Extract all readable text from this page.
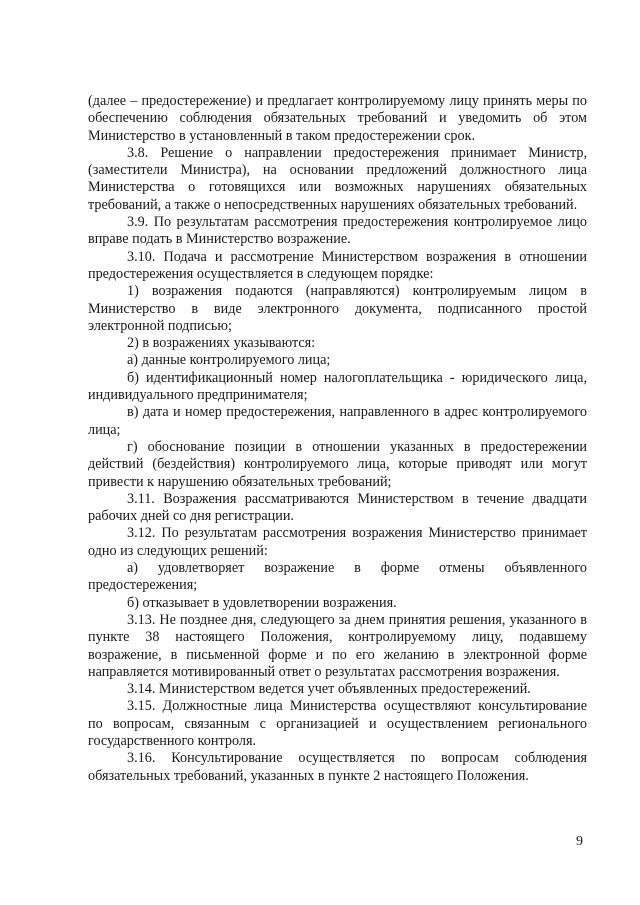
(далее – предостережение) и предлагает контролируемому лицу принять меры по обеспечению соблюдения обязательных требований и уведомить об этом Министерство в установленный в таком предостережении срок.

3.8. Решение о направлении предостережения принимает Министр, (заместители Министра), на основании предложений должностного лица Министерства о готовящихся или возможных нарушениях обязательных требований, а также о непосредственных нарушениях обязательных требований.

3.9. По результатам рассмотрения предостережения контролируемое лицо вправе подать в Министерство возражение.

3.10. Подача и рассмотрение Министерством возражения в отношении предостережения осуществляется в следующем порядке:

1) возражения подаются (направляются) контролируемым лицом в Министерство в виде электронного документа, подписанного простой электронной подписью;

2) в возражениях указываются:

а) данные контролируемого лица;

б) идентификационный номер налогоплательщика - юридического лица, индивидуального предпринимателя;

в) дата и номер предостережения, направленного в адрес контролируемого лица;

г) обоснование позиции в отношении указанных в предостережении действий (бездействия) контролируемого лица, которые приводят или могут привести к нарушению обязательных требований;

3.11. Возражения рассматриваются Министерством в течение двадцати рабочих дней со дня регистрации.

3.12. По результатам рассмотрения возражения Министерство принимает одно из следующих решений:

а) удовлетворяет возражение в форме отмены объявленного предостережения;

б) отказывает в удовлетворении возражения.

3.13. Не позднее дня, следующего за днем принятия решения, указанного в пункте 38 настоящего Положения, контролируемому лицу, подавшему возражение, в письменной форме и по его желанию в электронной форме направляется мотивированный ответ о результатах рассмотрения возражения.

3.14. Министерством ведется учет объявленных предостережений.

3.15. Должностные лица Министерства осуществляют консультирование по вопросам, связанным с организацией и осуществлением регионального государственного контроля.

3.16. Консультирование осуществляется по вопросам соблюдения обязательных требований, указанных в пункте 2 настоящего Положения.

9
